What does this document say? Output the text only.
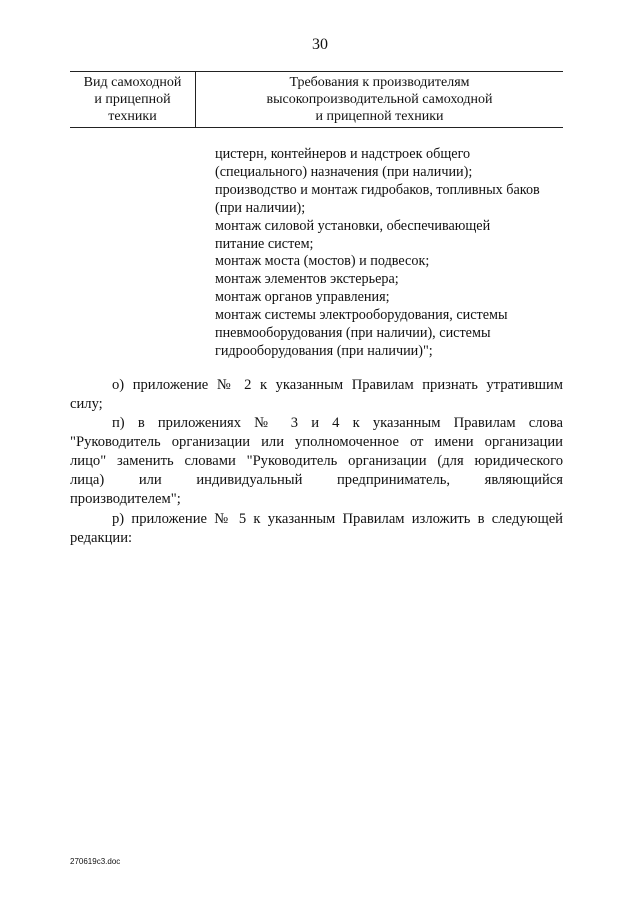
30
Вид самоходной
и прицепной
техники
Требования к производителям
высокопроизводительной самоходной
и прицепной техники
цистерн, контейнеров и надстроек общего
(специального) назначения (при наличии);
производство и монтаж гидробаков, топливных баков
(при наличии);
монтаж силовой установки, обеспечивающей
питание систем;
монтаж моста (мостов) и подвесок;
монтаж элементов экстерьера;
монтаж органов управления;
монтаж системы электрооборудования, системы
пневмооборудования (при наличии), системы
гидрооборудования (при наличии)";
о) приложение № 2 к указанным Правилам признать утратившим
силу;
п) в приложениях № 3 и 4 к указанным Правилам слова
"Руководитель организации или уполномоченное от имени организации
лицо" заменить словами "Руководитель организации (для юридического
лица) или индивидуальный предприниматель, являющийся
производителем";
р) приложение № 5 к указанным Правилам изложить в следующей
редакции:
270619c3.doc
